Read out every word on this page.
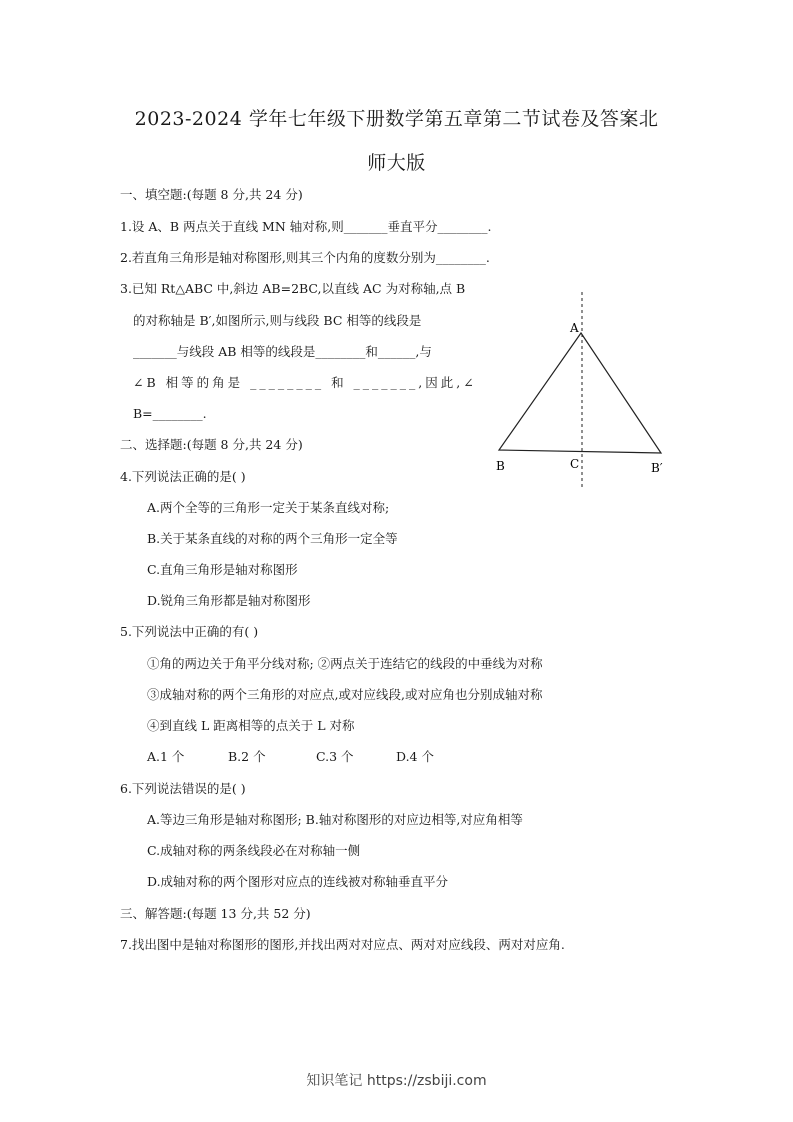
2023-2024 学年七年级下册数学第五章第二节试卷及答案北
师大版
一、填空题:(每题 8 分,共 24 分)
1.设 A、B 两点关于直线 MN 轴对称,则_______垂直平分________.
2.若直角三角形是轴对称图形,则其三个内角的度数分别为________.
3.已知 Rt△ABC 中,斜边 AB=2BC,以直线 AC 为对称轴,点 B
的对称轴是 B′,如图所示,则与线段 BC 相等的线段是
_______与线段 AB 相等的线段是________和______,与
∠B 相等的角是 ________ 和 _______,因此,∠
B=________.
A
B	C	B′
二、选择题:(每题 8 分,共 24 分)
4.下列说法正确的是( )
A.两个全等的三角形一定关于某条直线对称;
B.关于某条直线的对称的两个三角形一定全等
C.直角三角形是轴对称图形
D.锐角三角形都是轴对称图形
5.下列说法中正确的有( )
①角的两边关于角平分线对称; ②两点关于连结它的线段的中垂线为对称
③成轴对称的两个三角形的对应点,或对应线段,或对应角也分别成轴对称
④到直线 L 距离相等的点关于 L 对称
A.1 个	B.2 个	C.3 个	D.4 个
6.下列说法错误的是( )
A.等边三角形是轴对称图形; B.轴对称图形的对应边相等,对应角相等
C.成轴对称的两条线段必在对称轴一侧
D.成轴对称的两个图形对应点的连线被对称轴垂直平分
三、解答题:(每题 13 分,共 52 分)
7.找出图中是轴对称图形的图形,并找出两对对应点、两对对应线段、两对对应角.
知识笔记 https://zsbiji.com
